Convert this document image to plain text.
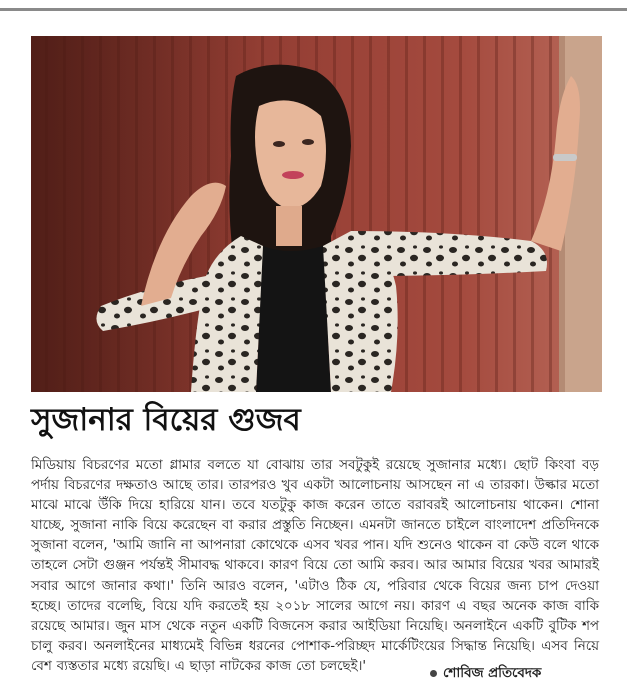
সুজানার বিয়ের গুজব

মিডিয়ায় বিচরণের মতো গ্লামার বলতে যা বোঝায় তার সবটুকুই রয়েছে সুজানার মধ্যে। ছোট কিংবা বড় পর্দায় বিচরণের দক্ষতাও আছে তার। তারপরও খুব একটা আলোচনায় আসছেন না এ তারকা। উল্কার মতো মাঝে মাঝে উঁকি দিয়ে হারিয়ে যান। তবে যতটুকু কাজ করেন তাতে বরাবরই আলোচনায় থাকেন। শোনা যাচ্ছে, সুজানা নাকি বিয়ে করেছেন বা করার প্রস্তুতি নিচ্ছেন। এমনটা জানতে চাইলে বাংলাদেশ প্রতিদিনকে সুজানা বলেন, 'আমি জানি না আপনারা কোথেকে এসব খবর পান। যদি শুনেও থাকেন বা কেউ বলে থাকে তাহলে সেটা গুঞ্জন পর্যন্তই সীমাবদ্ধ থাকবে। কারণ বিয়ে তো আমি করব। আর আমার বিয়ের খবর আমারই সবার আগে জানার কথা।' তিনি আরও বলেন, 'এটাও ঠিক যে, পরিবার থেকে বিয়ের জন্য চাপ দেওয়া হচ্ছে। তাদের বলেছি, বিয়ে যদি করতেই হয় ২০১৮ সালের আগে নয়। কারণ এ বছর অনেক কাজ বাকি রয়েছে আমার। জুন মাস থেকে নতুন একটি বিজনেস করার আইডিয়া নিয়েছি। অনলাইনে একটি বুটিক শপ চালু করব। অনলাইনের মাধ্যমেই বিভিন্ন ধরনের পোশাক-পরিচ্ছদ মার্কেটিংয়ের সিদ্ধান্ত নিয়েছি। এসব নিয়ে বেশ ব্যস্ততার মধ্যে রয়েছি। এ ছাড়া নাটকের কাজ তো চলছেই।'	শোবিজ প্রতিবেদক
